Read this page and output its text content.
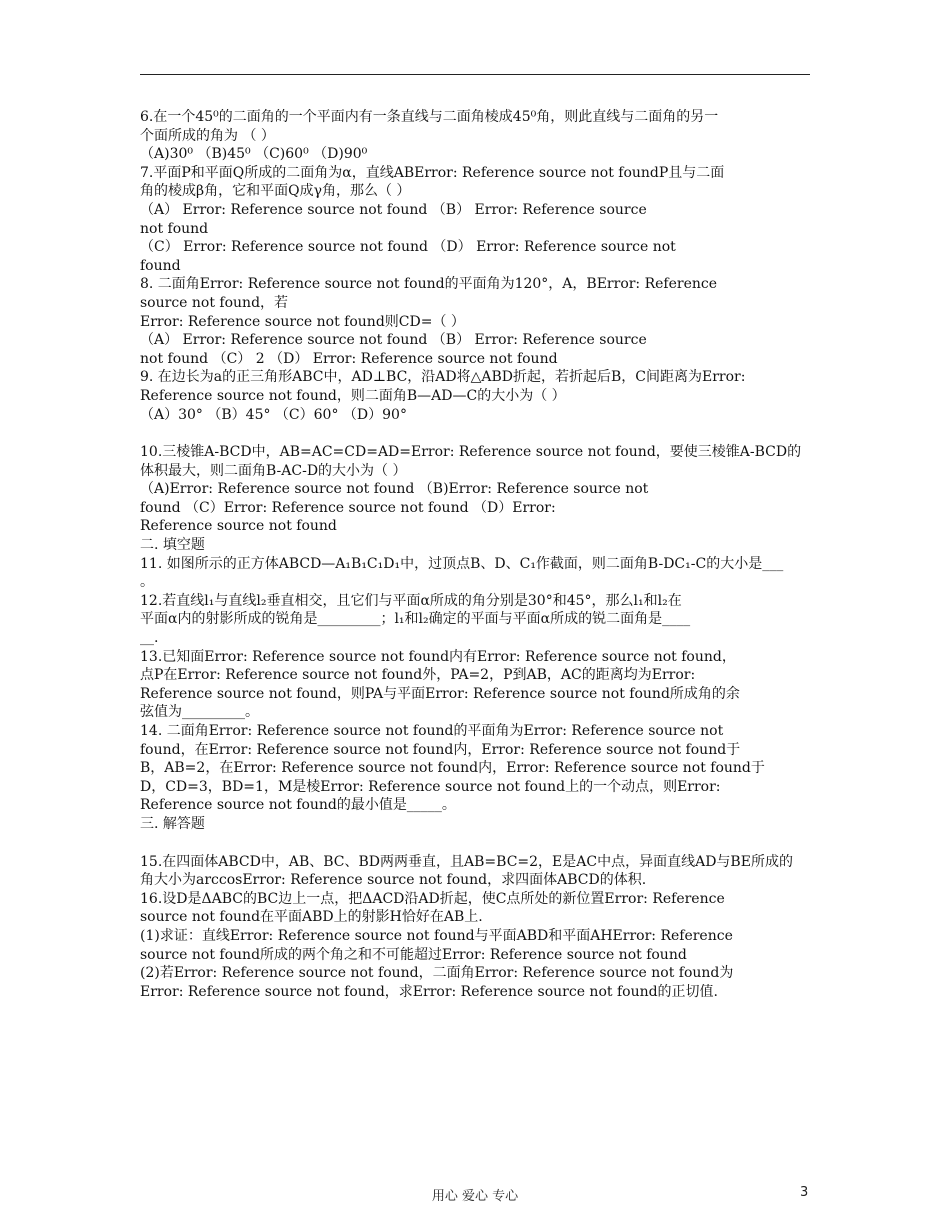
6.在一个45⁰的二面角的一个平面内有一条直线与二面角棱成45⁰角，则此直线与二面角的另一
个面所成的角为 （ ）
（A)30⁰ （B)45⁰ （C)60⁰ （D)90⁰
7.平面P和平面Q所成的二面角为α，直线ABError: Reference source not foundP且与二面
角的棱成β角，它和平面Q成γ角，那么（ ）
（A） Error: Reference source not found （B） Error: Reference source
not found
（C） Error: Reference source not found （D） Error: Reference source not
found
8. 二面角Error: Reference source not found的平面角为120°，A，BError: Reference
source not found，若
Error: Reference source not found则CD=（ ）
（A） Error: Reference source not found （B） Error: Reference source
not found （C） 2 （D） Error: Reference source not found
9. 在边长为a的正三角形ABC中，AD⊥BC，沿AD将△ABD折起，若折起后B，C间距离为Error:
Reference source not found，则二面角B—AD—C的大小为（ ）
（A）30° （B）45° （C）60° （D）90°
10.三棱锥A-BCD中，AB=AC=CD=AD=Error: Reference source not found，要使三棱锥A-BCD的
体积最大，则二面角B-AC-D的大小为（ ）
（A)Error: Reference source not found （B)Error: Reference source not
found （C）Error: Reference source not found （D）Error:
Reference source not found
二. 填空题
11. 如图所示的正方体ABCD—A₁B₁C₁D₁中，过顶点B、D、C₁作截面，则二面角B-DC₁-C的大小是___
。
12.若直线l₁与直线l₂垂直相交，且它们与平面α所成的角分别是30°和45°，那么l₁和l₂在
平面α内的射影所成的锐角是_________；l₁和l₂确定的平面与平面α所成的锐二面角是____
__.
13.已知面Error: Reference source not found内有Error: Reference source not found，
点P在Error: Reference source not found外，PA=2，P到AB，AC的距离均为Error:
Reference source not found，则PA与平面Error: Reference source not found所成角的余
弦值为_________。
14. 二面角Error: Reference source not found的平面角为Error: Reference source not
found，在Error: Reference source not found内，Error: Reference source not found于
B，AB=2，在Error: Reference source not found内，Error: Reference source not found于
D，CD=3，BD=1，M是棱Error: Reference source not found上的一个动点，则Error:
Reference source not found的最小值是_____。
三. 解答题
15.在四面体ABCD中，AB、BC、BD两两垂直，且AB=BC=2，E是AC中点，异面直线AD与BE所成的
角大小为arccosError: Reference source not found，求四面体ABCD的体积.
16.设D是ΔABC的BC边上一点，把ΔACD沿AD折起，使C点所处的新位置Error: Reference
source not found在平面ABD上的射影H恰好在AB上.
(1)求证：直线Error: Reference source not found与平面ABD和平面AHError: Reference
source not found所成的两个角之和不可能超过Error: Reference source not found
(2)若Error: Reference source not found，二面角Error: Reference source not found为
Error: Reference source not found，求Error: Reference source not found的正切值.
用心 爱心 专心	3
